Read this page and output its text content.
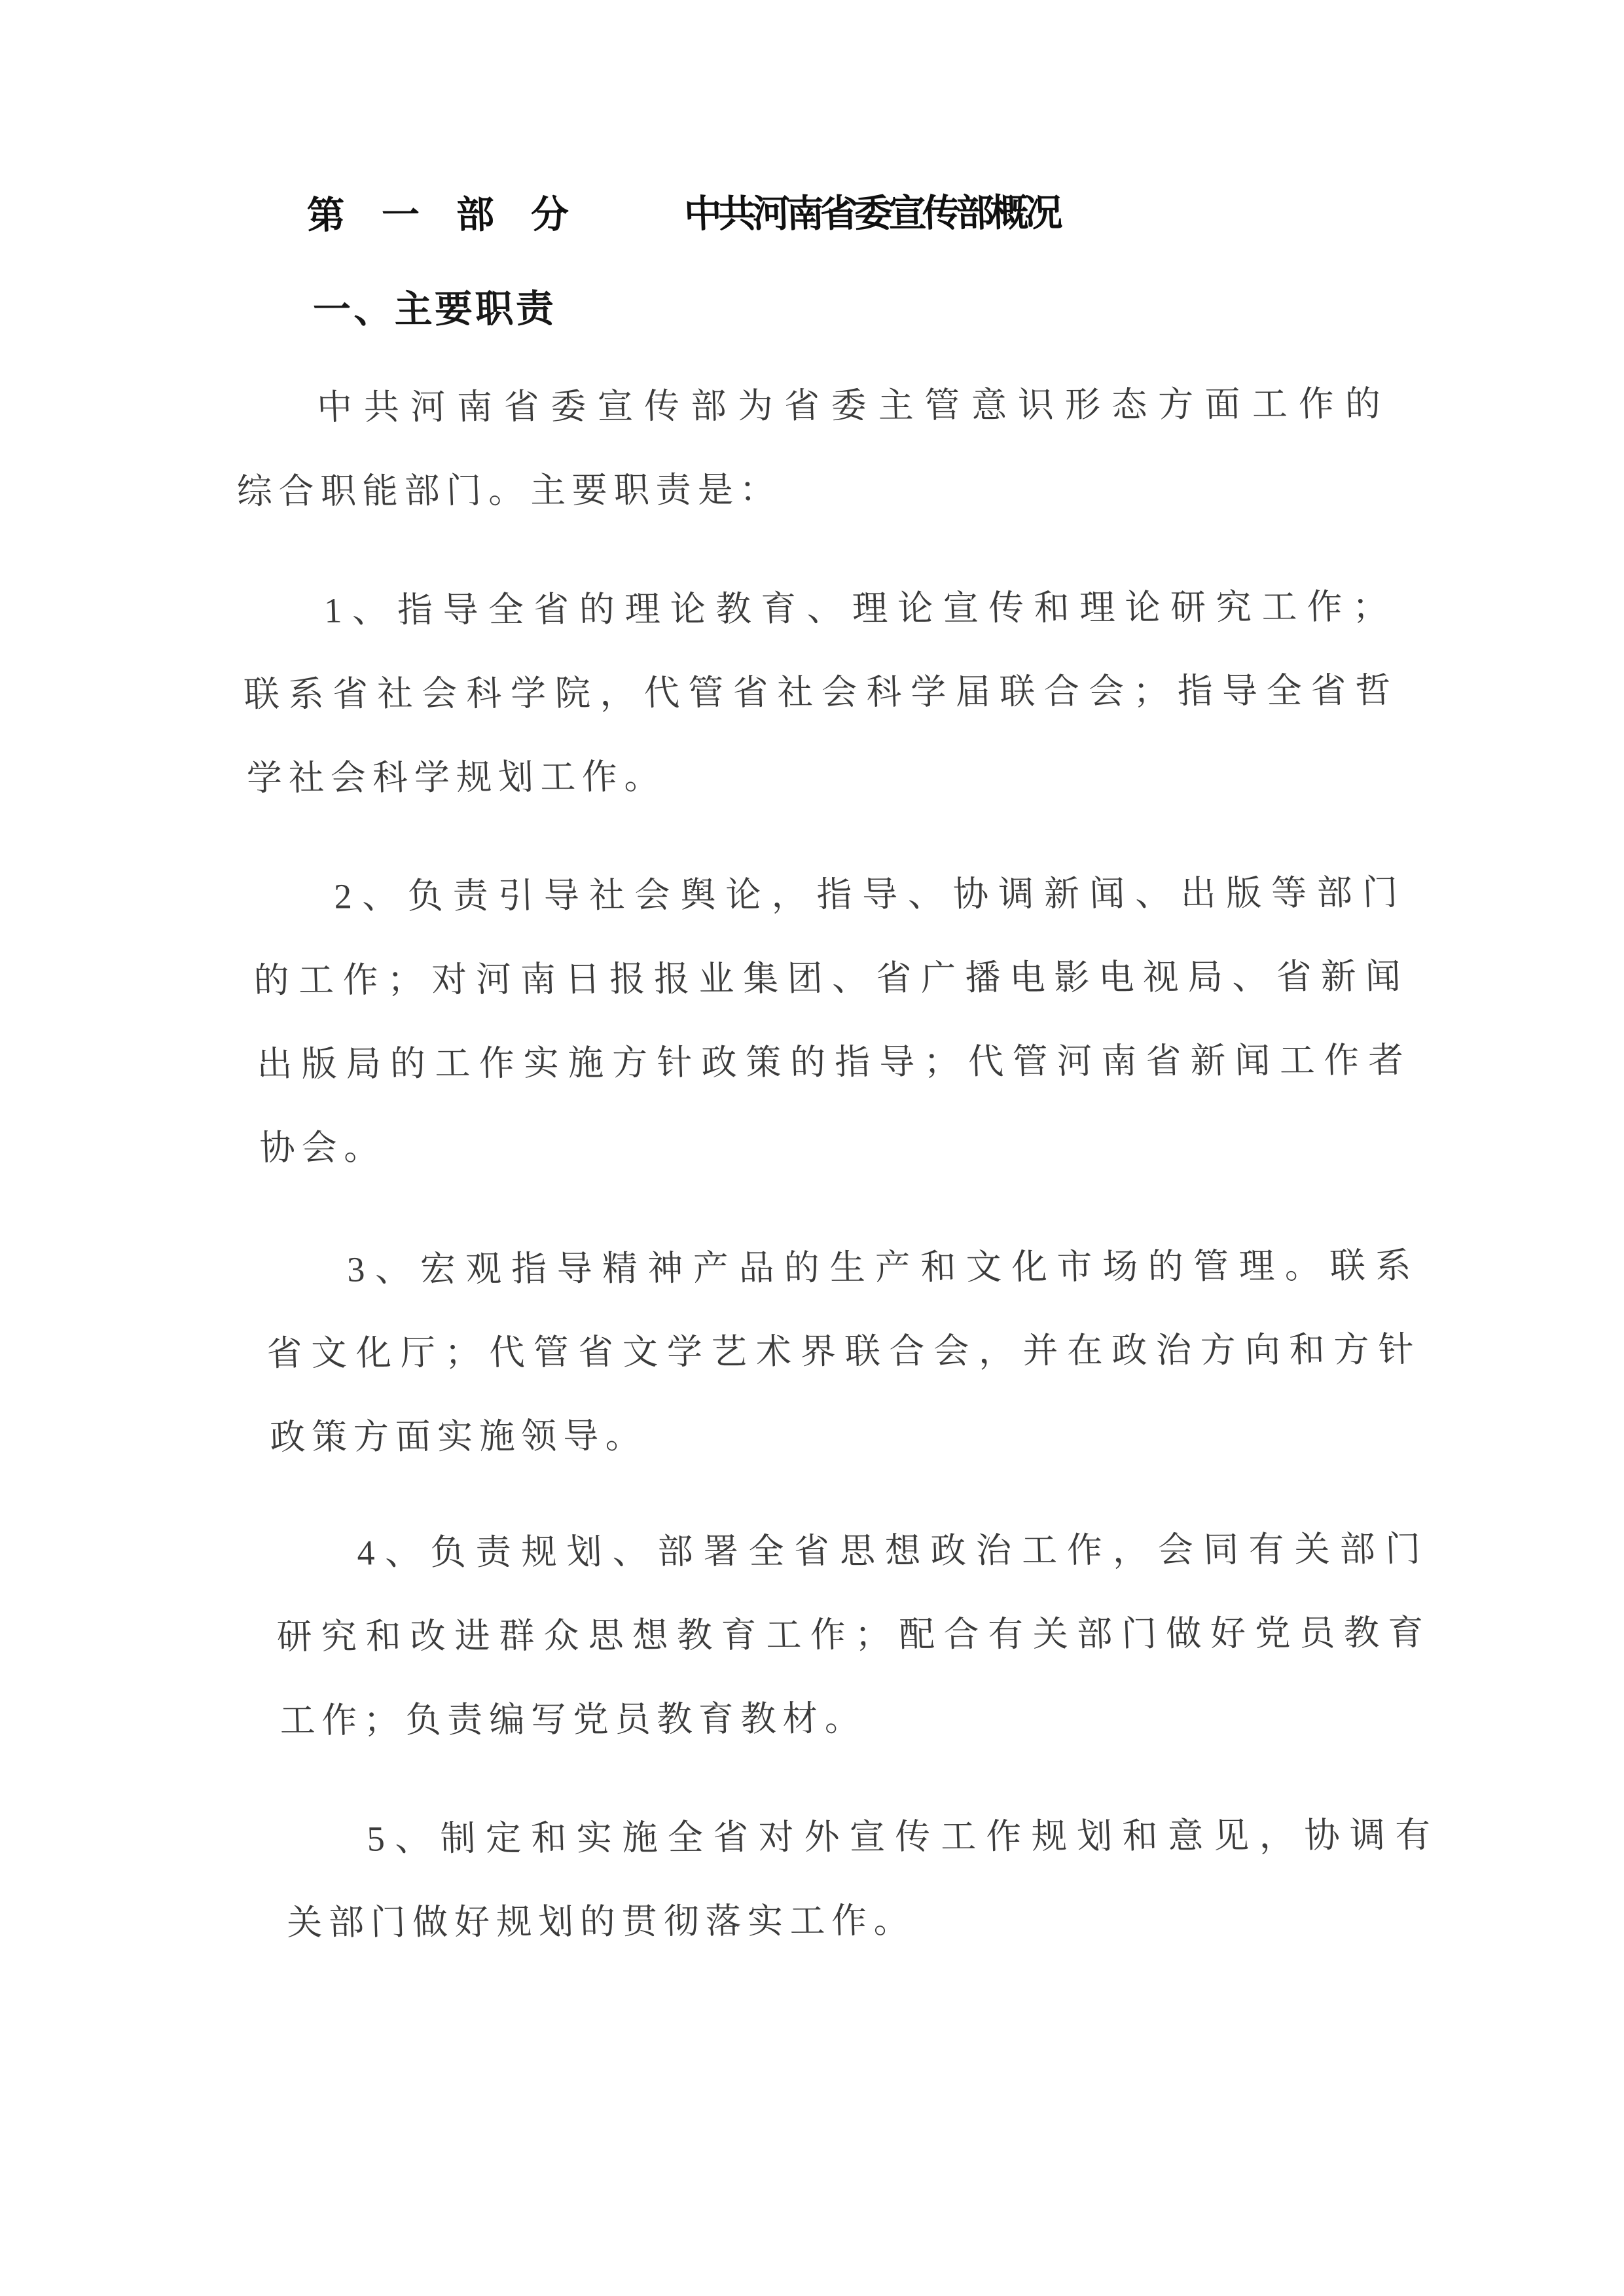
第一部分 中共河南省委宣传部概况
一、主要职责
中共河南省委宣传部为省委主管意识形态方面工作的
综合职能部门。主要职责是：
1、指导全省的理论教育、理论宣传和理论研究工作；
联系省社会科学院，代管省社会科学届联合会；指导全省哲
学社会科学规划工作。
2、负责引导社会舆论，指导、协调新闻、出版等部门
的工作；对河南日报报业集团、省广播电影电视局、省新闻
出版局的工作实施方针政策的指导；代管河南省新闻工作者
协会。
3、宏观指导精神产品的生产和文化市场的管理。联系
省文化厅；代管省文学艺术界联合会，并在政治方向和方针
政策方面实施领导。
4、负责规划、部署全省思想政治工作，会同有关部门
研究和改进群众思想教育工作；配合有关部门做好党员教育
工作；负责编写党员教育教材。
5、制定和实施全省对外宣传工作规划和意见，协调有
关部门做好规划的贯彻落实工作。
